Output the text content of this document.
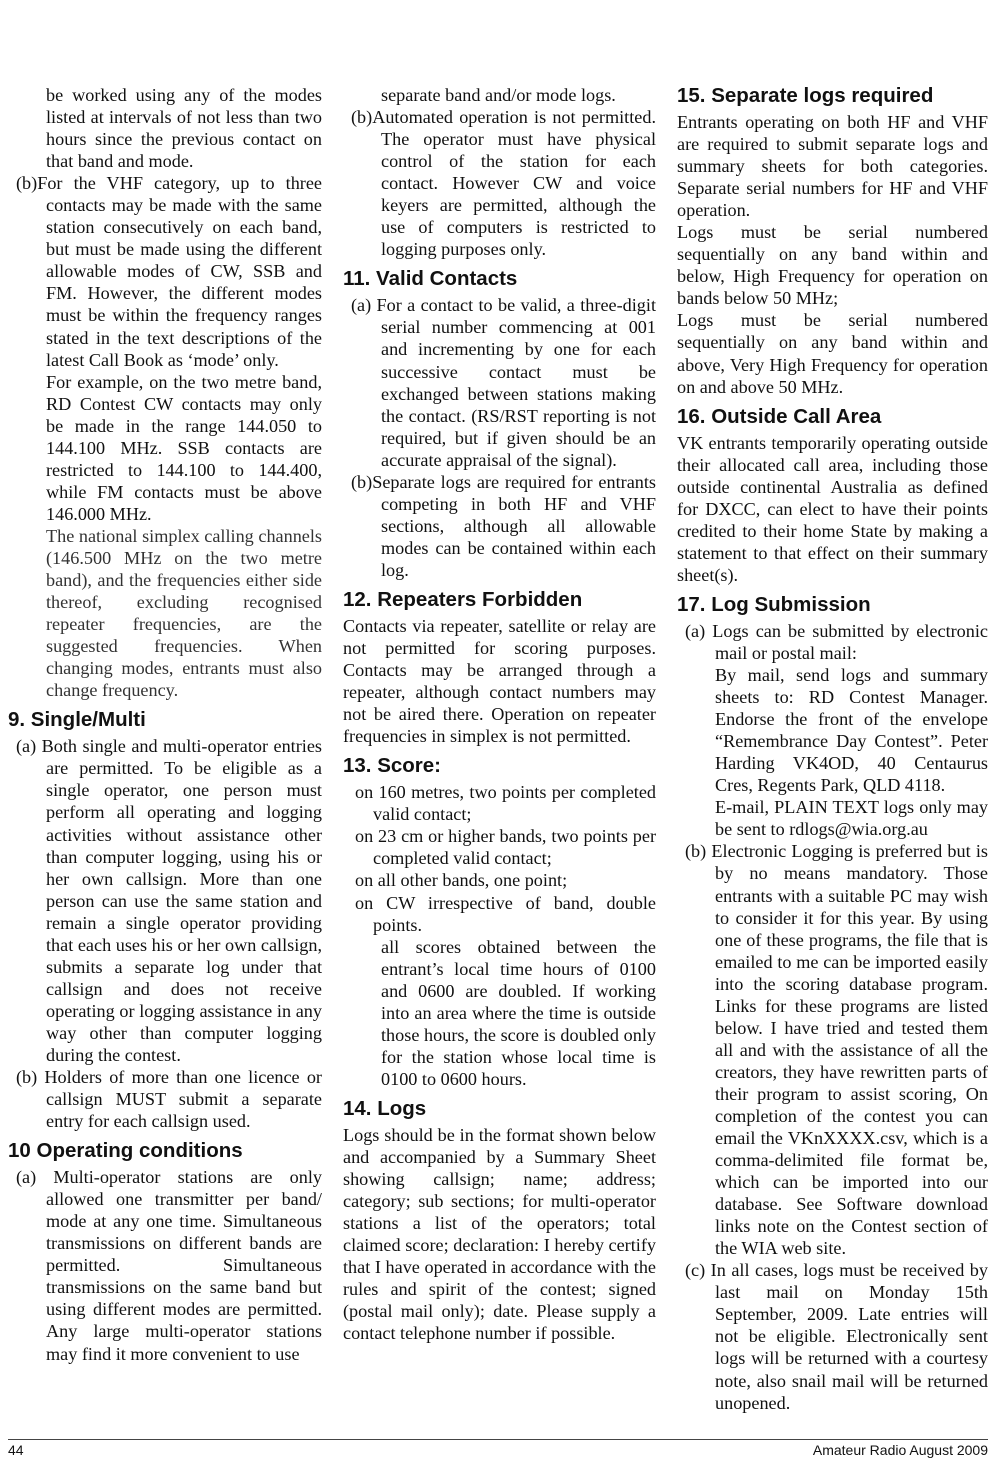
be worked using any of the modes listed at intervals of not less than two hours since the previous contact on that band and mode.

(b)For the VHF category, up to three contacts may be made with the same station consecutively on each band, but must be made using the different allowable modes of CW, SSB and FM. However, the different modes must be within the frequency ranges stated in the text descriptions of the latest Call Book as ‘mode’ only.

For example, on the two metre band, RD Contest CW contacts may only be made in the range 144.050 to 144.100 MHz. SSB contacts are restricted to 144.100 to 144.400, while FM contacts must be above 146.000 MHz.

The national simplex calling channels (146.500 MHz on the two metre band), and the frequencies either side thereof, excluding recognised repeater frequencies, are the suggested frequencies. When changing modes, entrants must also change frequency.

9. Single/Multi

(a) Both single and multi-operator entries are permitted. To be eligible as a single operator, one person must perform all operating and logging activities without assistance other than computer logging, using his or her own callsign. More than one person can use the same station and remain a single operator providing that each uses his or her own callsign, submits a separate log under that callsign and does not receive operating or logging assistance in any way other than computer logging during the contest.

(b) Holders of more than one licence or callsign MUST submit a separate entry for each callsign used.

10 Operating conditions

(a) Multi-operator stations are only allowed one transmitter per band/ mode at any one time. Simultaneous transmissions on different bands are permitted. Simultaneous transmissions on the same band but using different modes are permitted. Any large multi-operator stations may find it more convenient to use

separate band and/or mode logs.

(b)Automated operation is not permitted. The operator must have physical control of the station for each contact. However CW and voice keyers are permitted, although the use of computers is restricted to logging purposes only.

11. Valid Contacts

(a) For a contact to be valid, a three-digit serial number commencing at 001 and incrementing by one for each successive contact must be exchanged between stations making the contact. (RS/RST reporting is not required, but if given should be an accurate appraisal of the signal).

(b)Separate logs are required for entrants competing in both HF and VHF sections, although all allowable modes can be contained within each log.

12. Repeaters Forbidden

Contacts via repeater, satellite or relay are not permitted for scoring purposes. Contacts may be arranged through a repeater, although contact numbers may not be aired there. Operation on repeater frequencies in simplex is not permitted.

13. Score:

on 160 metres, two points per completed valid contact;

on 23 cm or higher bands, two points per completed valid contact;

on all other bands, one point;

on CW irrespective of band, double points.

all scores obtained between the entrant’s local time hours of 0100 and 0600 are doubled. If working into an area where the time is outside those hours, the score is doubled only for the station whose local time is 0100 to 0600 hours.

14. Logs

Logs should be in the format shown below and accompanied by a Summary Sheet showing callsign; name; address; category; sub sections; for multi-operator stations a list of the operators; total claimed score; declaration: I hereby certify that I have operated in accordance with the rules and spirit of the contest; signed (postal mail only); date. Please supply a contact telephone number if possible.

15. Separate logs required

Entrants operating on both HF and VHF are required to submit separate logs and summary sheets for both categories. Separate serial numbers for HF and VHF operation.

Logs must be serial numbered sequentially on any band within and below, High Frequency for operation on bands below 50 MHz;

Logs must be serial numbered sequentially on any band within and above, Very High Frequency for operation on and above 50 MHz.

16. Outside Call Area

VK entrants temporarily operating outside their allocated call area, including those outside continental Australia as defined for DXCC, can elect to have their points credited to their home State by making a statement to that effect on their summary sheet(s).

17. Log Submission

(a) Logs can be submitted by electronic mail or postal mail:

By mail, send logs and summary sheets to: RD Contest Manager. Endorse the front of the envelope “Remembrance Day Contest”. Peter Harding VK4OD, 40 Centaurus Cres, Regents Park, QLD 4118.

E-mail, PLAIN TEXT logs only may be sent to rdlogs@wia.org.au

(b) Electronic Logging is preferred but is by no means mandatory. Those entrants with a suitable PC may wish to consider it for this year. By using one of these programs, the file that is emailed to me can be imported easily into the scoring database program. Links for these programs are listed below. I have tried and tested them all and with the assistance of all the creators, they have rewritten parts of their program to assist scoring, On completion of the contest you can email the VKnXXXX.csv, which is a comma-delimited file format be, which can be imported into our database. See Software download links note on the Contest section of the WIA web site.

(c) In all cases, logs must be received by last mail on Monday 15th September, 2009. Late entries will not be eligible. Electronically sent logs will be returned with a courtesy note, also snail mail will be returned unopened.

44	Amateur Radio August 2009
